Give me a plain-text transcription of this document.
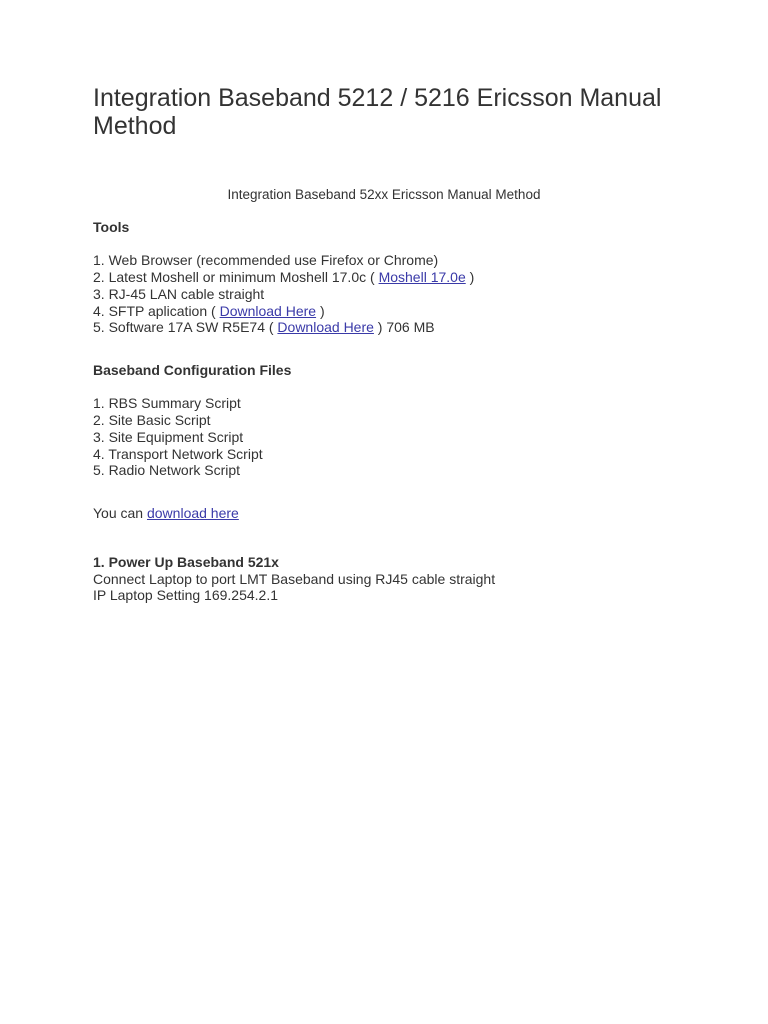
Integration Baseband 5212 / 5216 Ericsson Manual Method
Integration Baseband 52xx Ericsson Manual Method
Tools
1. Web Browser (recommended use Firefox or Chrome)
2. Latest Moshell or minimum Moshell 17.0c ( Moshell 17.0e )
3. RJ-45 LAN cable straight
4. SFTP aplication ( Download Here )
5. Software 17A SW R5E74 ( Download Here ) 706 MB
Baseband Configuration Files
1. RBS Summary Script
2. Site Basic Script
3. Site Equipment Script
4. Transport Network Script
5. Radio Network Script
You can download here
1. Power Up Baseband 521x
Connect Laptop to port LMT Baseband using RJ45 cable straight
IP Laptop Setting 169.254.2.1
